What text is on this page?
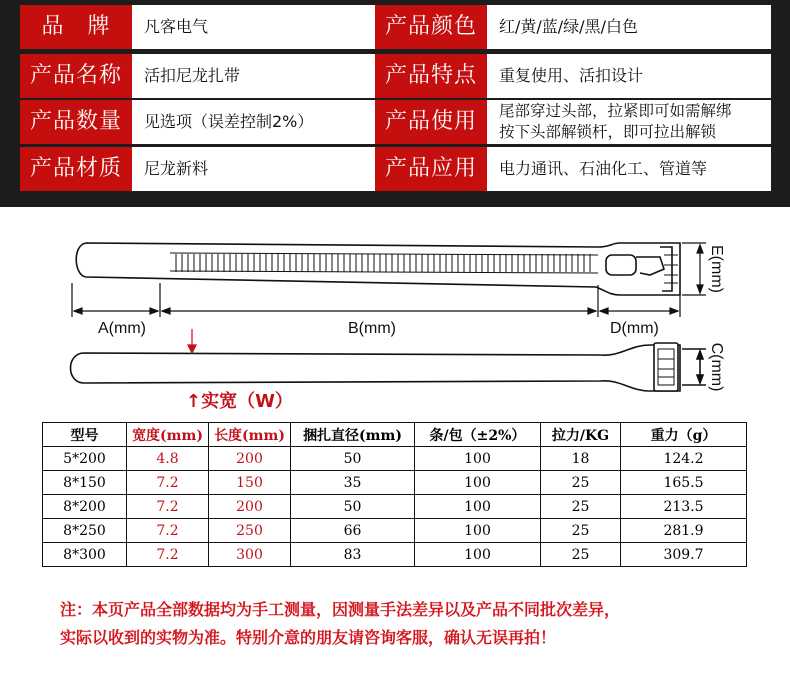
品　牌	凡客电气	产品颜色	红/黄/蓝/绿/黑/白色
产品名称	活扣尼龙扎带	产品特点	重复使用、活扣设计
产品数量	见选项（误差控制2%）	产品使用	尾部穿过头部，拉紧即可如需解绑
按下头部解锁杆，即可拉出解锁
产品材质	尼龙新料	产品应用	电力通讯、石油化工、管道等
A(mm)	B(mm)	D(mm)
E(mm)
C(mm)
↑实宽（W）
型号	宽度(mm)	长度(mm)	捆扎直径(mm)	条/包（±2%）	拉力/KG	重力（g）
5*200	4.8	200	50	100	18	124.2
8*150	7.2	150	35	100	25	165.5
8*200	7.2	200	50	100	25	213.5
8*250	7.2	250	66	100	25	281.9
8*300	7.2	300	83	100	25	309.7
注：本页产品全部数据均为手工测量，因测量手法差异以及产品不同批次差异，
实际以收到的实物为准。特别介意的朋友请咨询客服，确认无误再拍！
